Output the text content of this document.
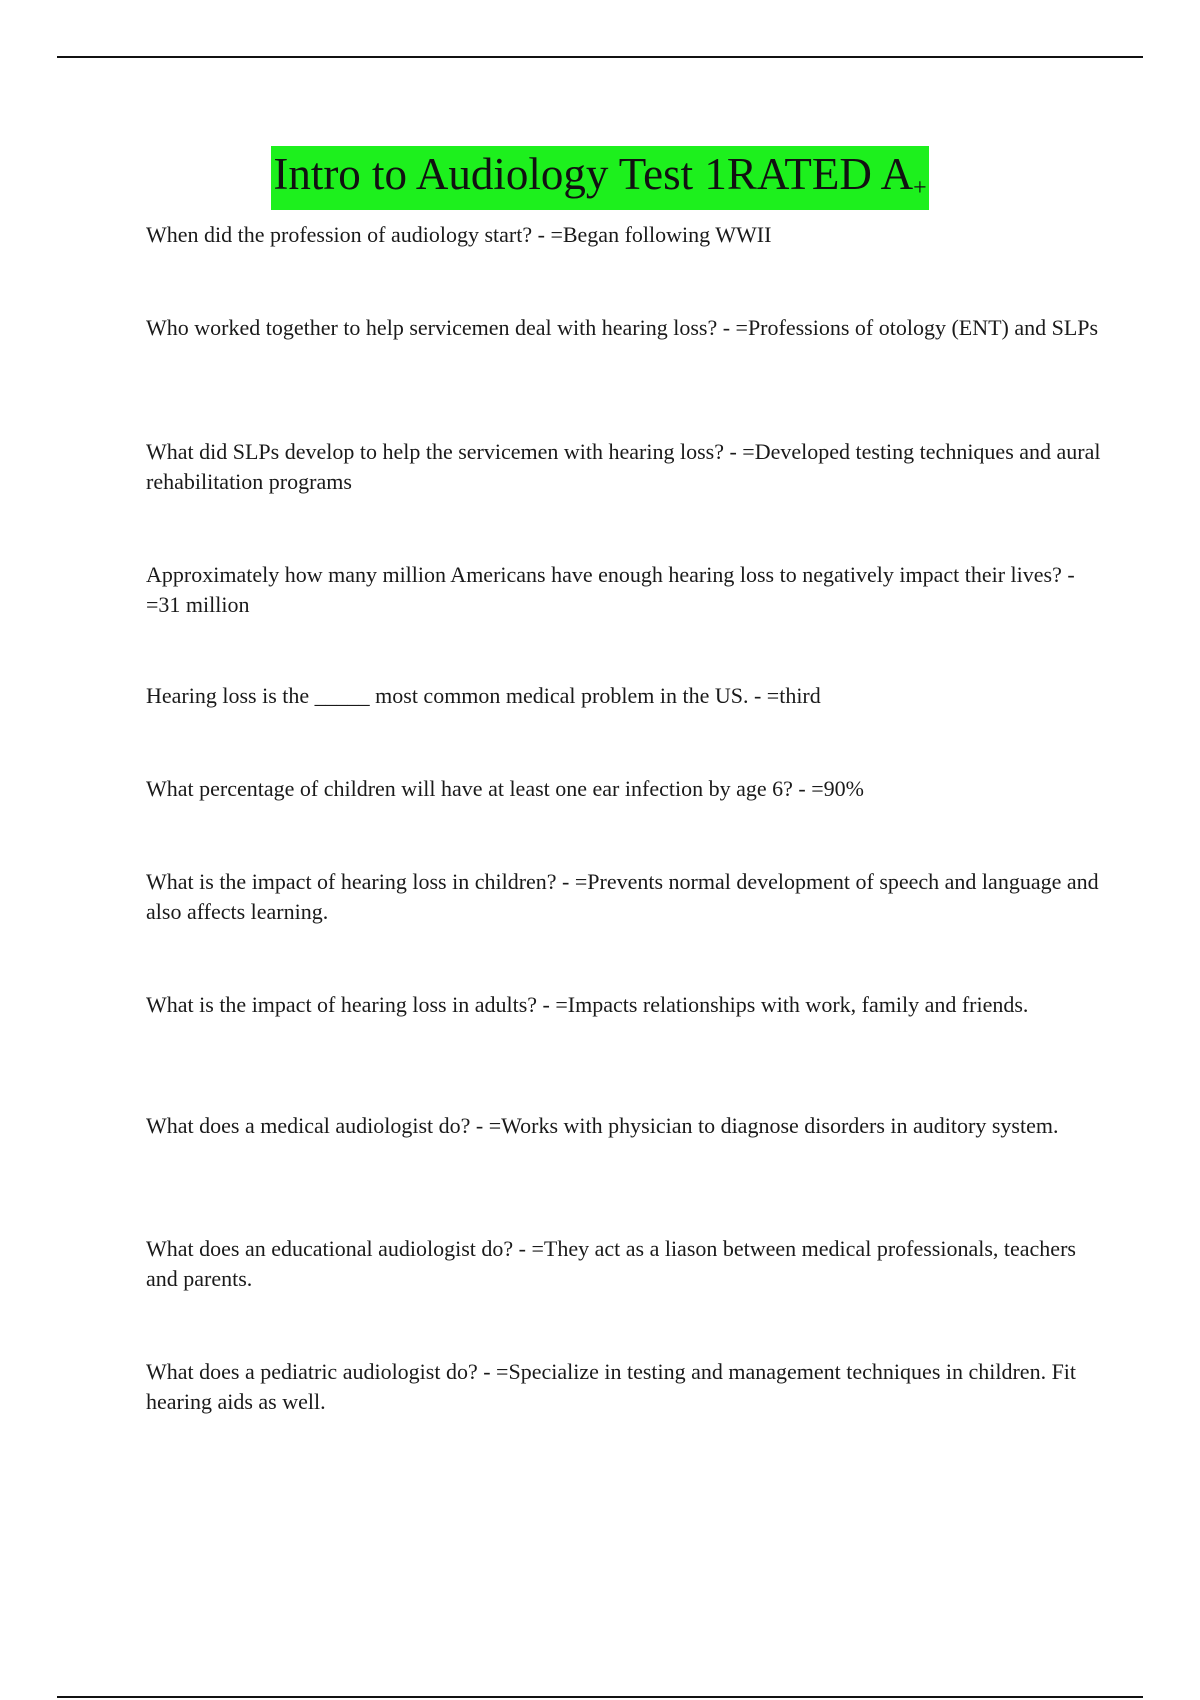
Intro to Audiology Test 1RATED A+
When did the profession of audiology start? - =Began following WWII
Who worked together to help servicemen deal with hearing loss? - =Professions of otology (ENT) and SLPs
What did SLPs develop to help the servicemen with hearing loss? - =Developed testing techniques and aural rehabilitation programs
Approximately how many million Americans have enough hearing loss to negatively impact their lives? - =31 million
Hearing loss is the _____ most common medical problem in the US. - =third
What percentage of children will have at least one ear infection by age 6? - =90%
What is the impact of hearing loss in children? - =Prevents normal development of speech and language and also affects learning.
What is the impact of hearing loss in adults? - =Impacts relationships with work, family and friends.
What does a medical audiologist do? - =Works with physician to diagnose disorders in auditory system.
What does an educational audiologist do? - =They act as a liason between medical professionals, teachers and parents.
What does a pediatric audiologist do? - =Specialize in testing and management techniques in children. Fit hearing aids as well.
